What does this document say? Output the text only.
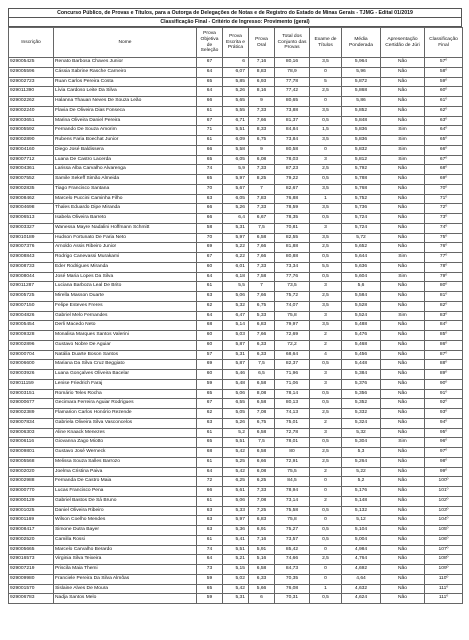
Concurso Público, de Provas e Títulos, para a Outorga de Delegações de Notas e de Registro do Estado de Minas Gerais - TJMG - Edital 01/2019
Classificação Final - Critério de Ingresso: Provimento (geral)
Inscrição	Nome	Prova Objetiva de Seleção	Prova Escrita e Prática	Prova Oral	Total dos Conjunto das Provas	Exame de Títulos	Média Ponderada	Apresentação Certidão de Júri	Classificação Final
929005425	Renato Barbosa Chaves Junior	67	6	7,16	80,16	3,5	5,964	Não	57º
929005596	Cássia Sabrine Rasche Carneiro	64	6,07	8,83	78,9	0	5,96	Não	58º
929002723	Ruan Carlos Pereira Costa	65	5,85	6,93	77,78	5	5,872	Não	59º
929011390	Lívia Cardoso Leite Da Silva	64	5,26	8,16	77,42	2,5	5,868	Não	60º
929002262	Halanna Thauan Neves De Souza Leão	66	5,65	9	80,65	0	5,86	Não	61º
929002240	Flavia De Oliveira Dias Fonseca	61	5,55	7,33	73,88	3,5	5,852	Não	62º
929003651	Marina Oliveira Daniel Pereira	67	6,71	7,66	81,37	0,5	5,848	Não	63º
929005592	Fernando De Souza Amorim	71	5,51	8,33	84,84	1,5	5,836	Sim	64º
929002890	Rubens Faria Boechat Junior	61	6,09	6,75	73,84	3,5	5,836	Sim	65º
929004160	Diego José Baldissera	66	5,58	9	80,58	0	5,832	Sim	66º
929007712	Luana De Castro Lacerda	65	6,05	6,08	78,03	3	5,812	Sim	67º
929004361	Larissa Alba Carvalho Alvarenga	74	5,9	7,33	87,23	2,5	5,792	Não	68º
929007552	Samile Sekeff Simão Almeida	65	5,97	8,25	79,22	0,5	5,788	Não	69º
929002835	Tiago Francisco Santana	70	5,67	7	82,67	3,5	5,768	Não	70º
929008462	Marcelo Puccini Caminha Filho	63	6,05	7,83	76,88	1	5,752	Não	71º
929004698	Thales Eduardo Dipe Miranda	66	5,26	7,33	78,59	3,5	5,736	Não	72º
929006513	Isabela Oliveira Barreto	66	6,4	6,67	78,35	0,5	5,724	Não	73º
929003327	Wanessa Mayre Nadalini Hoffmann Schmitt	58	5,31	7,5	70,81	3	5,724	Não	74º
929010189	Hudson Fortunato De Faria Neto	70	5,97	6,58	82,55	3,5	5,72	Não	75º
929007376	Arnoldo Assis Ribeiro Junior	69	5,22	7,66	81,88	2,5	5,652	Não	76º
929008843	Rodrigo Canevassi Murakami	67	6,22	7,66	80,88	0,5	5,644	Sim	77º
929008733	Eder Rodrigues Miranda	60	6,01	7,33	73,34	5,5	5,636	Não	78º
929008044	José Maria Lopes Da Silva	64	6,18	7,58	77,76	0,5	5,604	Sim	79º
929011287	Luciana Barboza Leal De Brito	61	5,5	7	73,5	3	5,6	Não	80º
929005725	Mirella Masson Duarte	63	5,06	7,66	75,72	2,5	5,584	Não	81º
929007150	Felipe Esteves Freres	62	5,32	6,75	74,07	3,5	5,528	Não	82º
929004826	Gabriel Melo Fernandes	64	6,47	5,33	75,8	3	5,524	Sim	83º
929005454	Derli Macedo Neto	68	5,14	6,83	79,97	3,5	5,488	Não	84º
929009328	Monalisa Marques Santos Valerini	60	5,03	7,66	72,69	2	5,476	Não	85º
929002896	Gustavo Nobre De Aguiar	60	5,87	6,33	72,2	2	5,468	Não	86º
929000704	Natália Duarte Boson Santos	57	5,31	6,33	68,64	4	5,456	Não	87º
929006600	Mariana Da Silva Cruz Beggiato	69	5,87	7,5	82,37	0,5	5,448	Não	88º
929003926	Luana Gonçalves Oliveira Bacelar	60	5,46	6,5	71,96	3	5,384	Não	89º
929011159	Lenise Friedrich Faraj	59	5,48	6,58	71,06	3	5,376	Não	90º
929003151	Romário Teles Rocha	65	5,06	8,08	78,14	0,5	5,356	Não	91º
929000677	Gecimara Ferreira Aguiar Rodrigues	67	6,55	6,58	80,13	0,5	5,352	Não	92º
929002389	Flamarion Carlos Honório Rezende	62	5,05	7,08	74,13	2,5	5,332	Não	93º
929007834	Gabriela Oliveira Silva Vasconcelos	63	5,26	6,75	75,01	2	5,324	Não	94º
929006303	Aline Knaack Menezes	61	5,2	6,58	72,78	3	5,32	Não	95º
929006116	Giovanna Zago Miotto	65	5,51	7,5	78,01	0,5	5,304	Sim	96º
929009801	Gustavo José Werneck	68	5,42	6,58	80	2,5	5,3	Não	97º
929005568	Melissa Souza Salles Barrozo	61	5,25	6,66	72,91	2,5	5,264	Não	98º
929002020	Joelma Cristina Paiva	64	5,42	6,08	75,5	2	5,22	Não	99º
929002988	Fernanda De Castro Maia	72	6,25	6,25	84,5	0	5,2	Não	100º
929000770	Lucas Francisco Pena	66	5,61	7,33	78,94	0	5,176	Não	101º
929000129	Gabriel Bastos De Sá Bruno	61	5,06	7,08	73,14	2	5,148	Não	102º
929001025	Daniel Oliveira Ribeiro	63	5,33	7,25	75,58	0,5	5,132	Não	103º
929001169	Wilson Coelho Mendes	63	5,97	6,83	75,8	0	5,12	Não	104º
929008417	Simone Dutra Bayer	63	5,36	6,91	75,27	0,5	5,104	Não	105º
929002520	Camilla Rossi	61	5,41	7,16	73,57	0,5	5,004	Não	106º
929005665	Marcelo Carvalho Berardo	74	5,51	5,91	85,42	0	4,984	Não	107º
929016573	Virginia Silva Teixeira	64	5,21	5,16	74,66	2,5	4,764	Não	108º
929007219	Priscila Maia Themi	73	5,15	6,58	84,73	0	4,692	Não	109º
929009980	Franciele Pereira Da Silva Almõas	59	5,02	6,33	70,35	0	4,64	Não	110º
929001570	Sislaine Alves De Moura	65	5,42	5,66	76,08	1	4,632	Não	111º
929006783	Nadja Santos Melo	59	5,31	6	70,31	0,5	4,624	Não	111º
